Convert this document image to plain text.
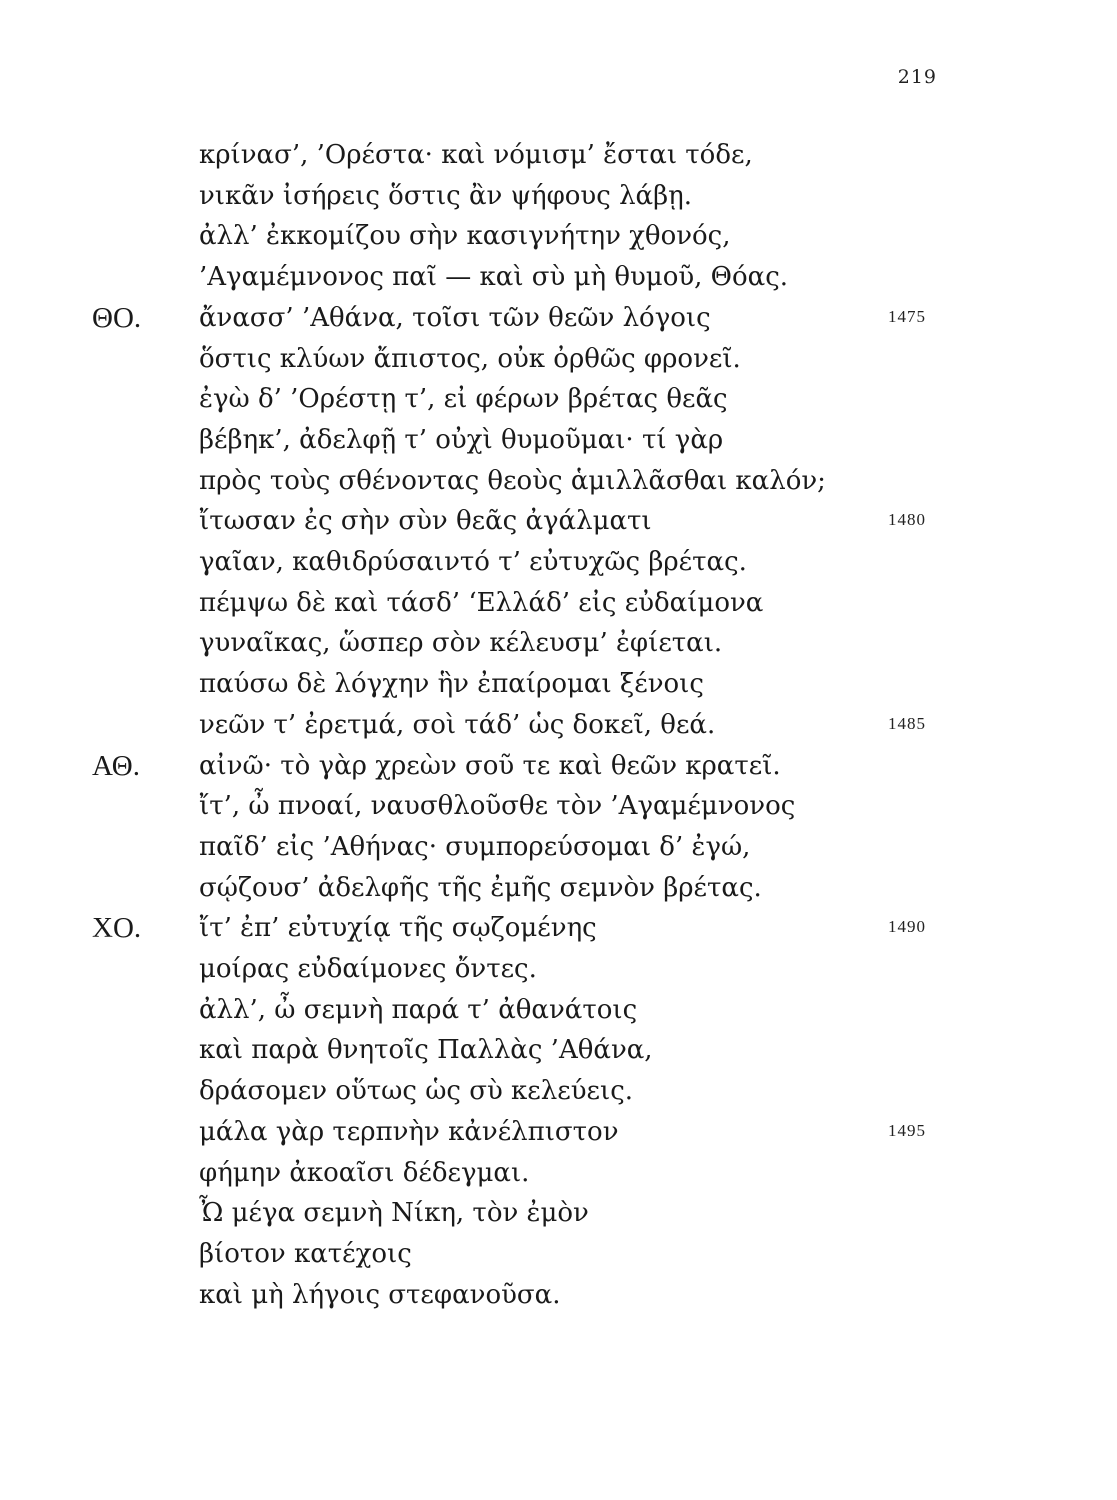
219
κρίνασ’, ’Ορέστα· καὶ νόμισμ’ ἔσται τόδε,
νικᾶν ἰσήρεις ὅστις ἂν ψήφους λάβῃ.
ἀλλ’ ἐκκομίζου σὴν κασιγνήτην χθονός,
’Αγαμέμνονος παῖ — καὶ σὺ μὴ θυμοῦ, Θόας.
ΘΟ. ἄνασσ’ ’Αθάνα, τοῖσι τῶν θεῶν λόγοις	1475
ὅστις κλύων ἄπιστος, οὐκ ὀρθῶς φρονεῖ.
ἐγὼ δ’ ’Ορέστῃ τ’, εἰ φέρων βρέτας θεᾶς
βέβηκ’, ἀδελφῇ τ’ οὐχὶ θυμοῦμαι· τί γὰρ
πρὸς τοὺς σθένοντας θεοὺς ἁμιλλᾶσθαι καλόν;
ἴτωσαν ἐς σὴν σὺν θεᾶς ἀγάλματι	1480
γαῖαν, καθιδρύσαιντό τ’ εὐτυχῶς βρέτας.
πέμψω δὲ καὶ τάσδ’ ‘Ελλάδ’ εἰς εὐδαίμονα
γυναῖκας, ὥσπερ σὸν κέλευσμ’ ἐφίεται.
παύσω δὲ λόγχην ἣν ἐπαίρομαι ξένοις
νεῶν τ’ ἐρετμά, σοὶ τάδ’ ὡς δοκεῖ, θεά.	1485
ΑΘ. αἰνῶ· τὸ γὰρ χρεὼν σοῦ τε καὶ θεῶν κρατεῖ.
ἴτ’, ὦ πνοαί, ναυσθλοῦσθε τὸν ’Αγαμέμνονος
παῖδ’ εἰς ’Αθήνας· συμπορεύσομαι δ’ ἐγώ,
σῴζουσ’ ἀδελφῆς τῆς ἐμῆς σεμνὸν βρέτας.
ΧΟ. ἴτ’ ἐπ’ εὐτυχίᾳ τῆς σῳζομένης	1490
μοίρας εὐδαίμονες ὄντες.
ἀλλ’, ὦ σεμνὴ παρά τ’ ἀθανάτοις
καὶ παρὰ θνητοῖς Παλλὰς ’Αθάνα,
δράσομεν οὕτως ὡς σὺ κελεύεις.
μάλα γὰρ τερπνὴν κἀνέλπιστον	1495
φήμην ἀκοαῖσι δέδεγμαι.
Ὦ μέγα σεμνὴ Νίκη, τὸν ἐμὸν
βίοτον κατέχοις
καὶ μὴ λήγοις στεφανοῦσα.
